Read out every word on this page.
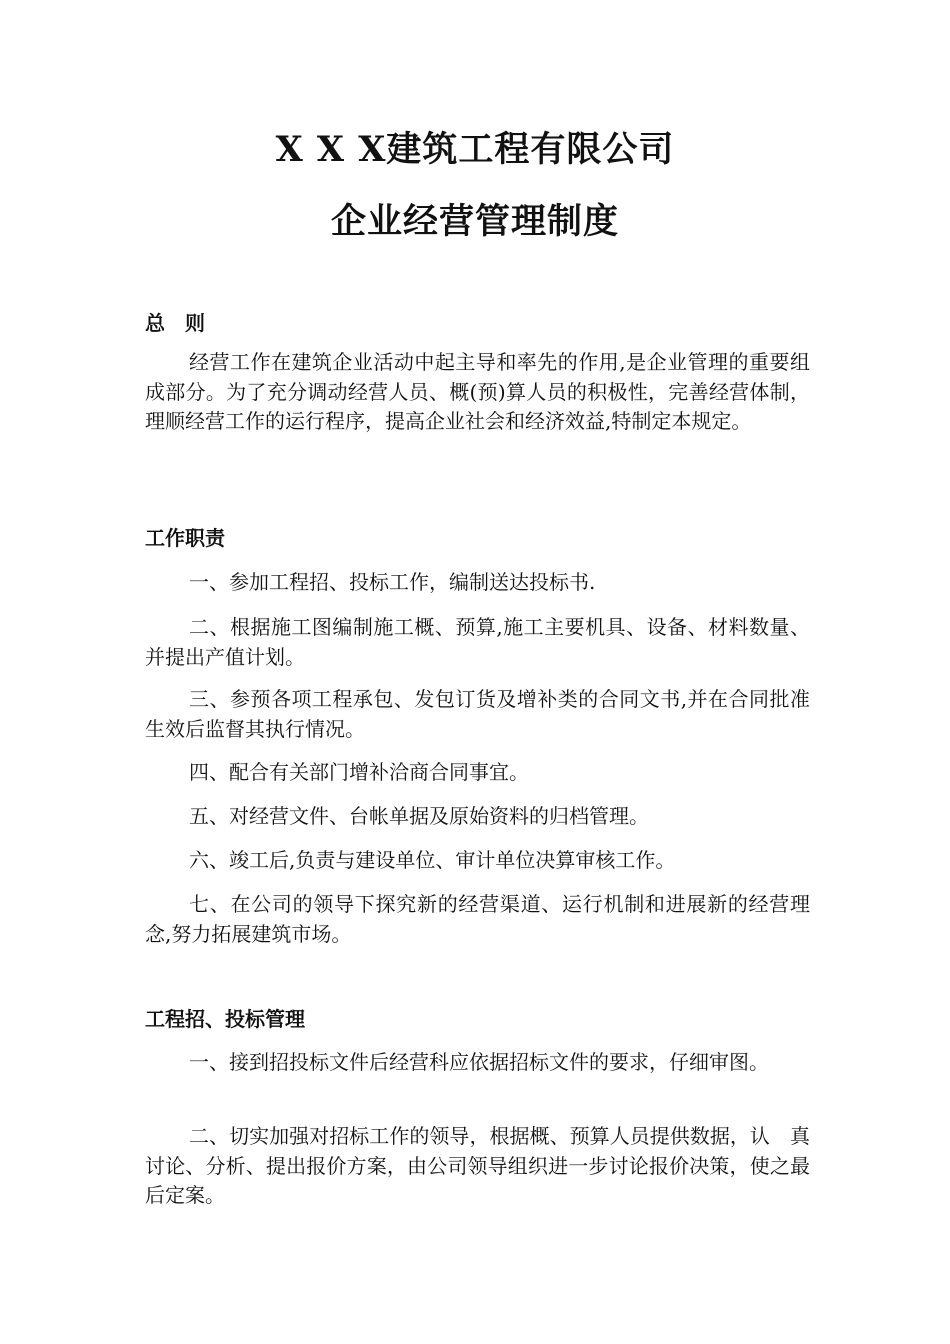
X X X建筑工程有限公司
企业经营管理制度
总　则

经营工作在建筑企业活动中起主导和率先的作用,是企业管理的重要组成部分。为了充分调动经营人员、概(预)算人员的积极性，完善经营体制，理顺经营工作的运行程序，提高企业社会和经济效益,特制定本规定。

工作职责

一、参加工程招、投标工作，编制送达投标书.

二、根据施工图编制施工概、预算,施工主要机具、设备、材料数量、并提出产值计划。

三、参预各项工程承包、发包订货及增补类的合同文书,并在合同批准生效后监督其执行情况。

四、配合有关部门增补洽商合同事宜。

五、对经营文件、台帐单据及原始资料的归档管理。

六、竣工后,负责与建设单位、审计单位决算审核工作。

七、在公司的领导下探究新的经营渠道、运行机制和进展新的经营理念,努力拓展建筑市场。

工程招、投标管理

一、接到招投标文件后经营科应依据招标文件的要求，仔细审图。

二、切实加强对招标工作的领导，根据概、预算人员提供数据，认　真讨论、分析、提出报价方案，由公司领导组织进一步讨论报价决策，使之最后定案。
